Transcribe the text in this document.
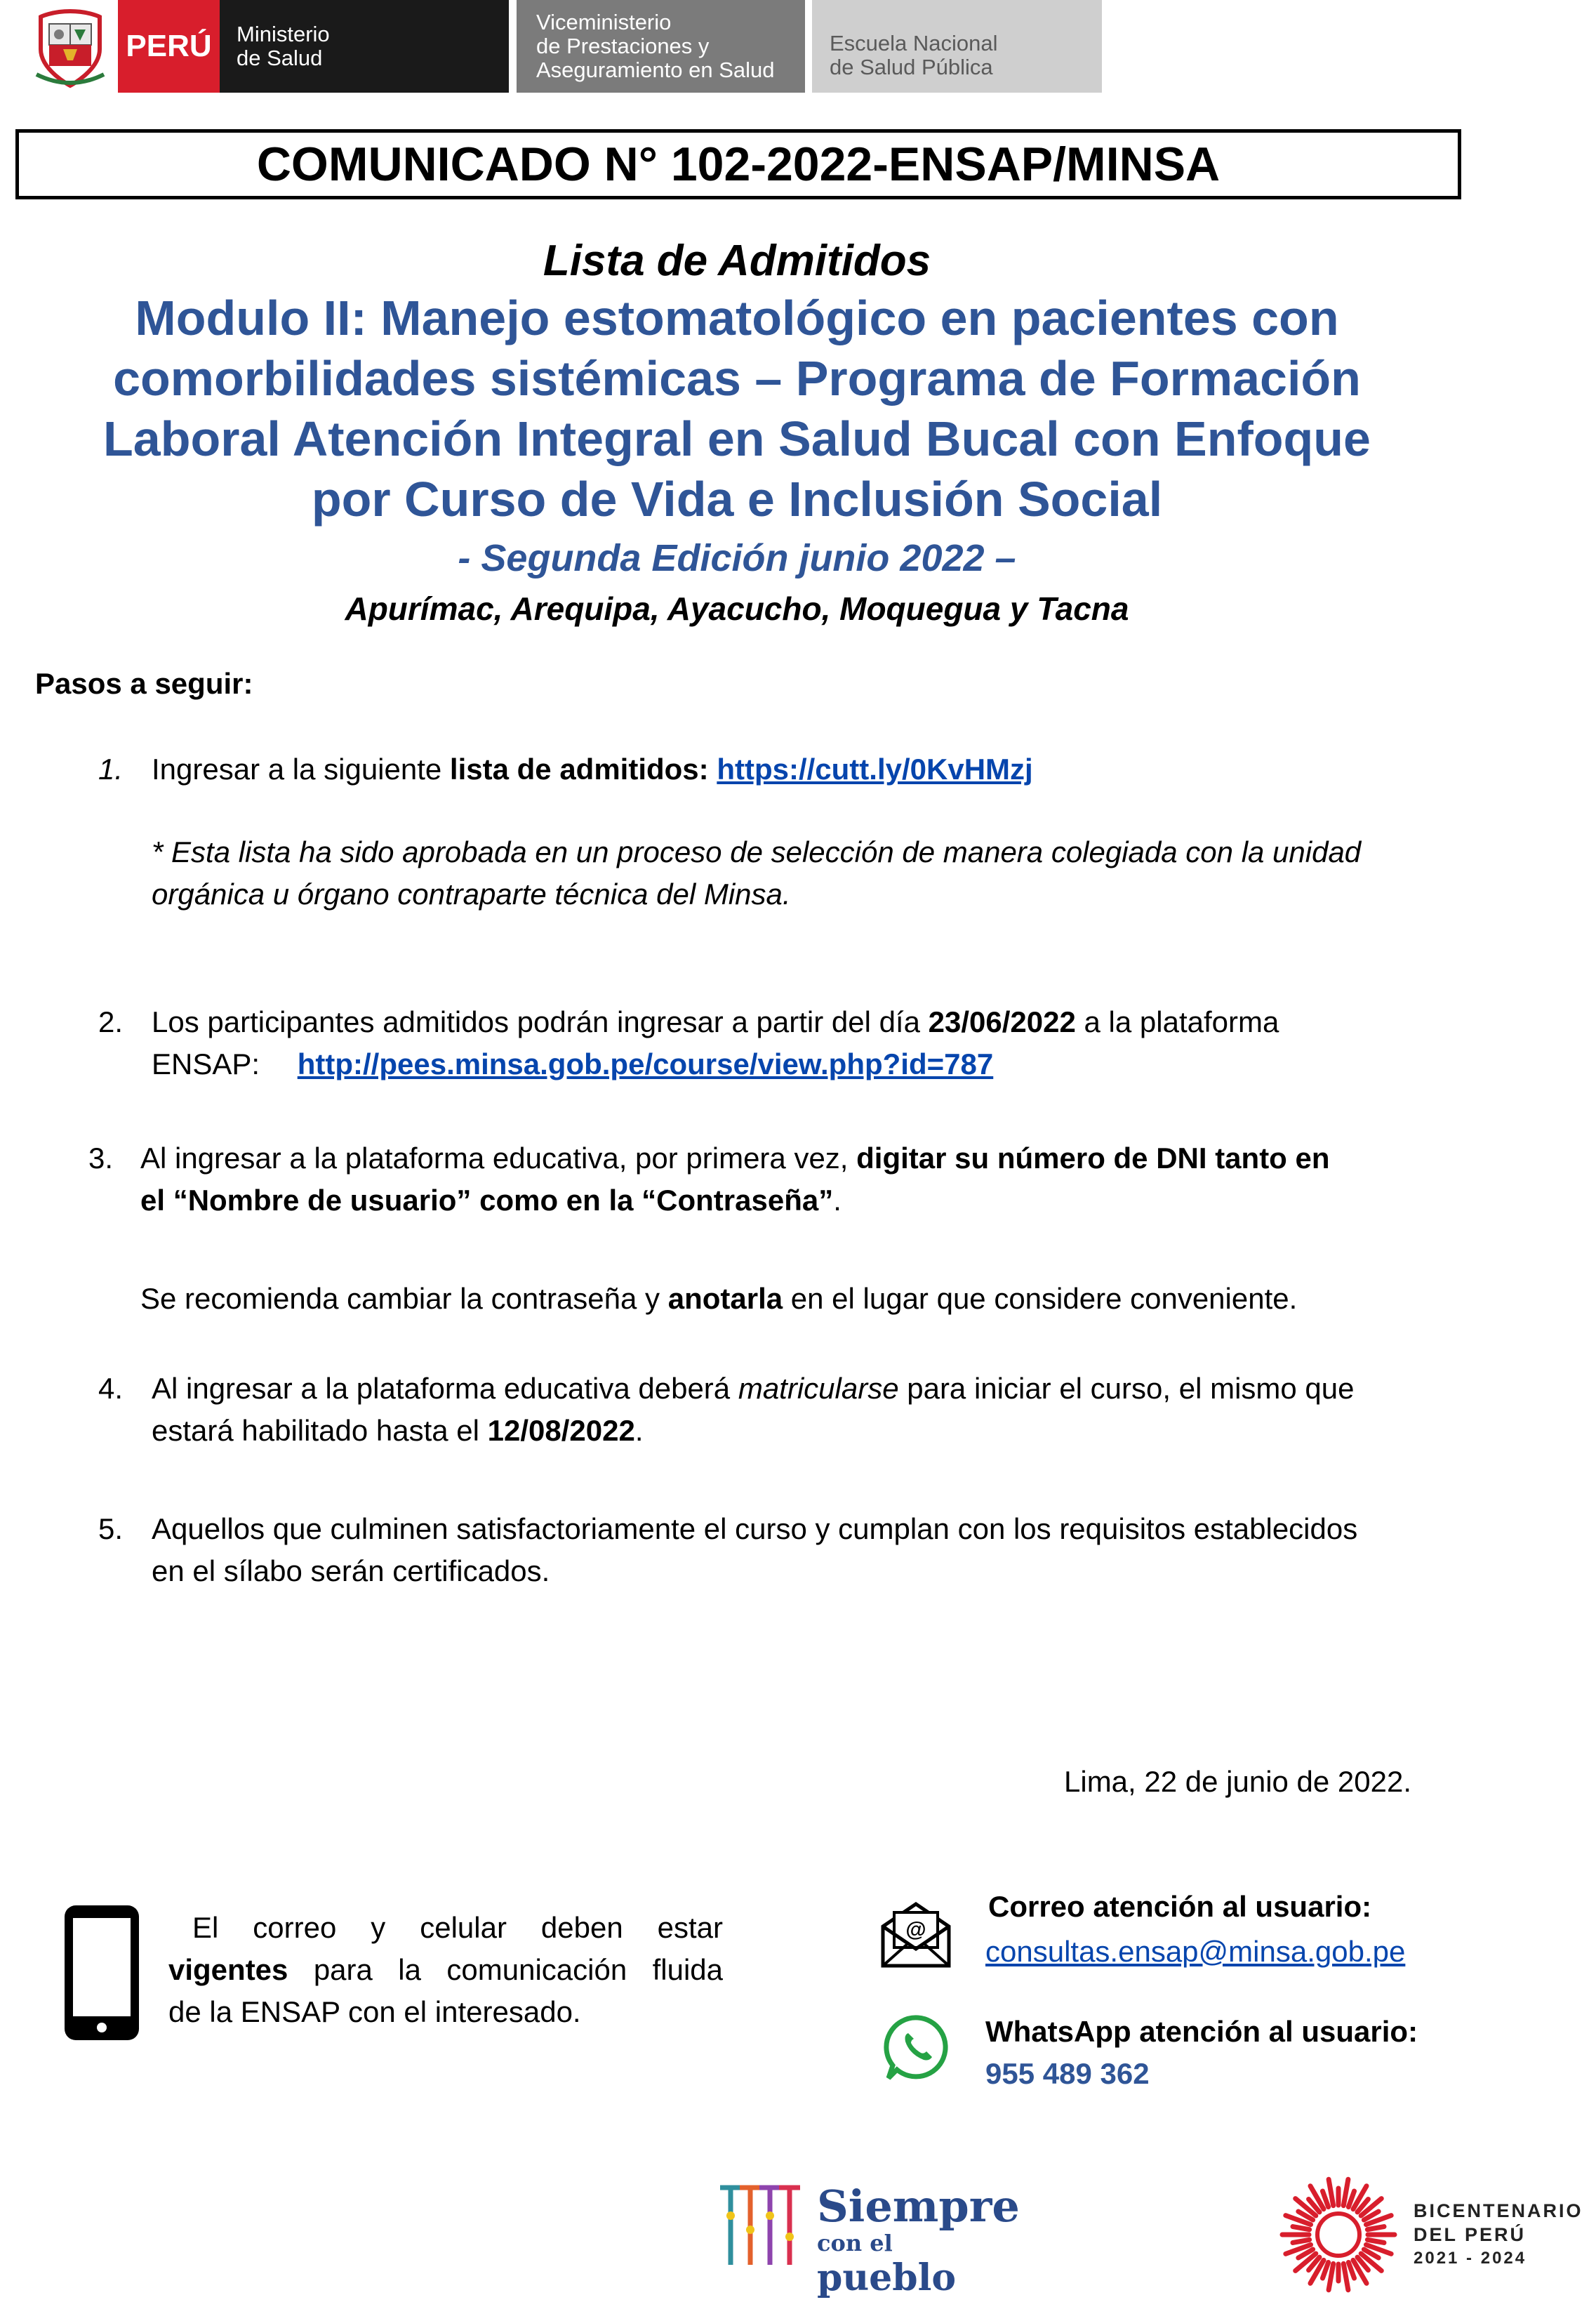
PERÚ Ministerio
de Salud
Viceministerio
de Prestaciones y
Aseguramiento en Salud
Escuela Nacional
de Salud Pública
COMUNICADO N° 102-2022-ENSAP/MINSA
Lista de Admitidos
Modulo II: Manejo estomatológico en pacientes con
comorbilidades sistémicas – Programa de Formación
Laboral Atención Integral en Salud Bucal con Enfoque
por Curso de Vida e Inclusión Social
- Segunda Edición junio 2022 –
Apurímac, Arequipa, Ayacucho, Moquegua y Tacna
Pasos a seguir:
1. Ingresar a la siguiente lista de admitidos: https://cutt.ly/0KvHMzj
* Esta lista ha sido aprobada en un proceso de selección de manera colegiada con la unidad
orgánica u órgano contraparte técnica del Minsa.
2. Los participantes admitidos podrán ingresar a partir del día 23/06/2022 a la plataforma
ENSAP: http://pees.minsa.gob.pe/course/view.php?id=787
3. Al ingresar a la plataforma educativa, por primera vez, digitar su número de DNI tanto en
el “Nombre de usuario” como en la “Contraseña”.
Se recomienda cambiar la contraseña y anotarla en el lugar que considere conveniente.
4. Al ingresar a la plataforma educativa deberá matricularse para iniciar el curso, el mismo que
estará habilitado hasta el 12/08/2022.
5. Aquellos que culminen satisfactoriamente el curso y cumplan con los requisitos establecidos
en el sílabo serán certificados.
Lima, 22 de junio de 2022.
El correo y celular deben estar
vigentes para la comunicación fluida
de la ENSAP con el interesado.
@
Correo atención al usuario:
consultas.ensap@minsa.gob.pe
WhatsApp atención al usuario:
955 489 362
Siempre
con el pueblo
BICENTENARIO
DEL PERÚ
2021 - 2024
